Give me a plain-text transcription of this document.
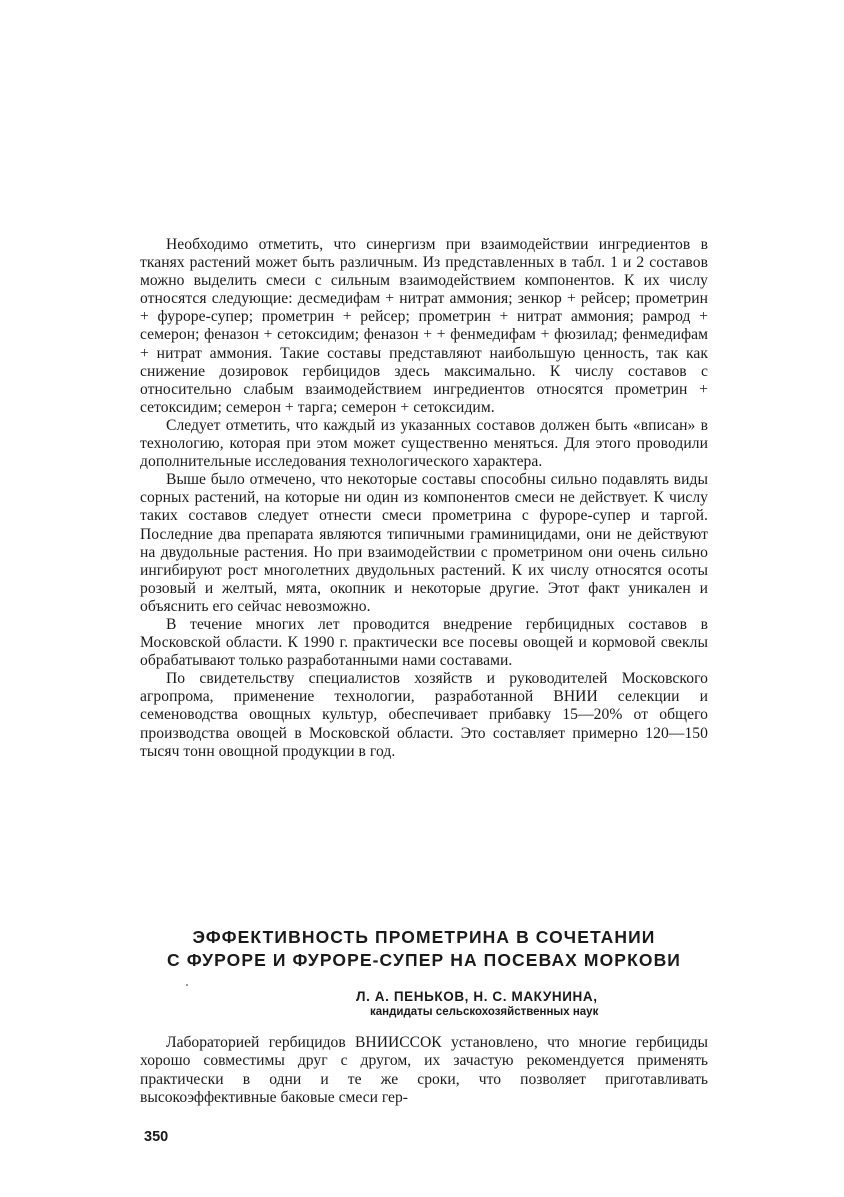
Необходимо отметить, что синергизм при взаимодействии ингредиентов в тканях растений может быть различным. Из представленных в табл. 1 и 2 составов можно выделить смеси с сильным взаимодействием компонентов. К их числу относятся следующие: десмедифам + нитрат аммония; зенкор + рейсер; прометрин + фуроре-супер; прометрин + рейсер; прометрин + нитрат аммония; рамрод + семерон; феназон + сетоксидим; феназон + + фенмедифам + фюзилад; фенмедифам + нитрат аммония. Такие составы представляют наибольшую ценность, так как снижение дозировок гербицидов здесь максимально. К числу составов с относительно слабым взаимодействием ингредиентов относятся прометрин + сетоксидим; семерон + тарга; семерон + сетоксидим.

Следует отметить, что каждый из указанных составов должен быть «вписан» в технологию, которая при этом может существенно меняться. Для этого проводили дополнительные исследования технологического характера.

Выше было отмечено, что некоторые составы способны сильно подавлять виды сорных растений, на которые ни один из компонентов смеси не действует. К числу таких составов следует отнести смеси прометрина с фуроре-супер и таргой. Последние два препарата являются типичными граминицидами, они не действуют на двудольные растения. Но при взаимодействии с прометрином они очень сильно ингибируют рост многолетних двудольных растений. К их числу относятся осоты розовый и желтый, мята, окопник и некоторые другие. Этот факт уникален и объяснить его сейчас невозможно.

В течение многих лет проводится внедрение гербицидных составов в Московской области. К 1990 г. практически все посевы овощей и кормовой свеклы обрабатывают только разработанными нами составами.

По свидетельству специалистов хозяйств и руководителей Московского агропрома, применение технологии, разработанной ВНИИ селекции и семеноводства овощных культур, обеспечивает прибавку 15—20% от общего производства овощей в Московской области. Это составляет примерно 120—150 тысяч тонн овощной продукции в год.

ЭФФЕКТИВНОСТЬ ПРОМЕТРИНА В СОЧЕТАНИИ
С ФУРОРЕ И ФУРОРЕ-СУПЕР НА ПОСЕВАХ МОРКОВИ
Л. А. ПЕНЬКОВ, Н. С. МАКУНИНА,
кандидаты сельскохозяйственных наук

Лабораторией гербицидов ВНИИССОК установлено, что многие гербициды хорошо совместимы друг с другом, их зачастую рекомендуется применять практически в одни и те же сроки, что позволяет приготавливать высокоэффективные баковые смеси гер-

350
